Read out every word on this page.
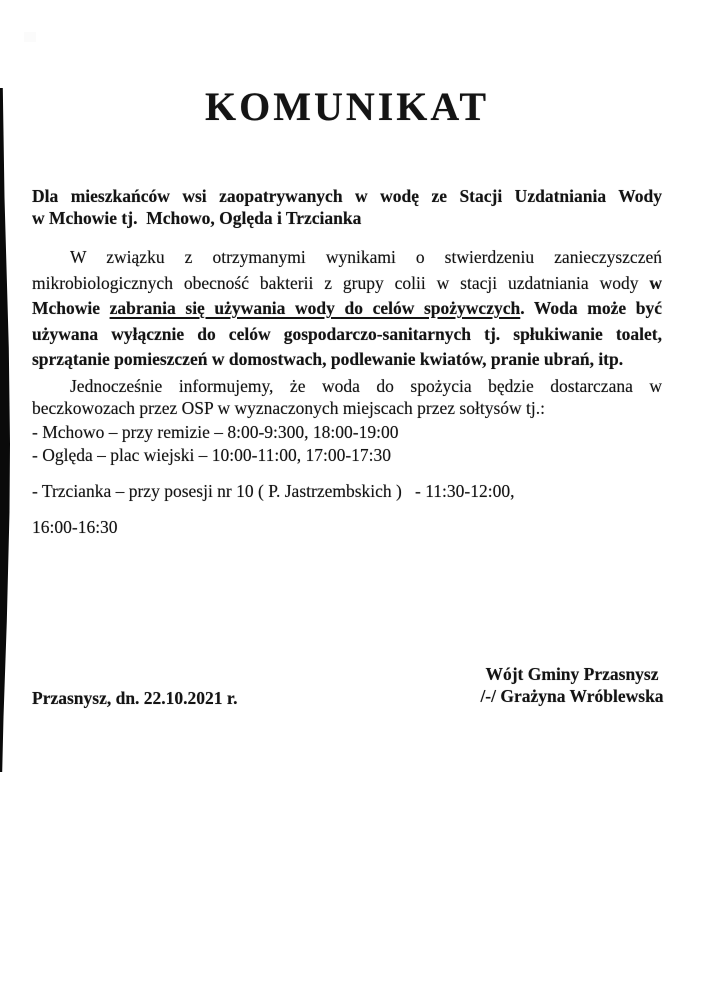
KOMUNIKAT
Dla mieszkańców wsi zaopatrywanych w wodę ze Stacji Uzdatniania Wody
w Mchowie tj.  Mchowo, Oględa i Trzcianka
W związku z otrzymanymi wynikami o stwierdzeniu zanieczyszczeń mikrobiologicznych obecność bakterii z grupy colii w stacji uzdatniania wody w Mchowie zabrania się używania wody do celów spożywczych. Woda może być używana wyłącznie do celów gospodarczo-sanitarnych tj. spłukiwanie toalet, sprzątanie pomieszczeń w domostwach, podlewanie kwiatów, pranie ubrań, itp.
Jednocześnie informujemy, że woda do spożycia będzie dostarczana w beczkowozach przez OSP w wyznaczonych miejscach przez sołtysów tj.:
- Mchowo – przy remizie – 8:00-9:300, 18:00-19:00
- Oględa – plac wiejski – 10:00-11:00, 17:00-17:30
- Trzcianka – przy posesji nr 10 ( P. Jastrzembskich )   - 11:30-12:00,
16:00-16:30
Przasnysz, dn. 22.10.2021 r.
Wójt Gminy Przasnysz
/-/ Grażyna Wróblewska
